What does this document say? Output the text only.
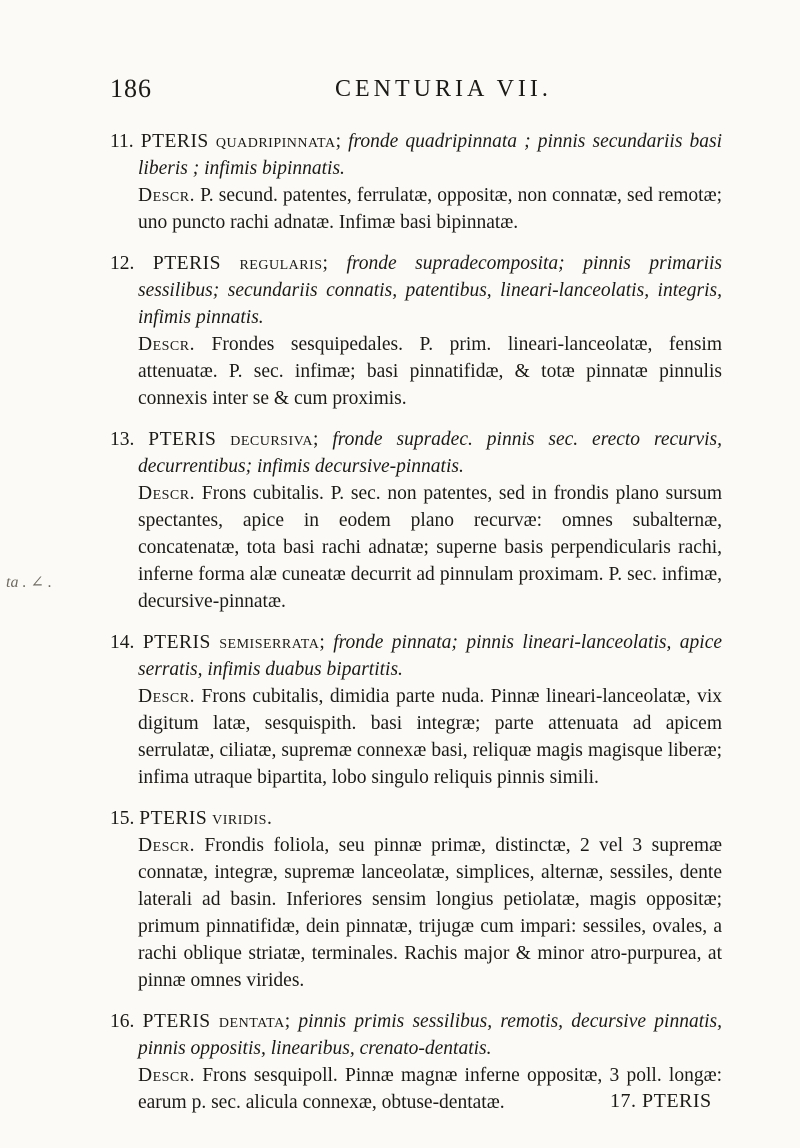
186	CENTURIA VII.
ta . ∠ .

11. PTERIS quadripinnata; fronde quadripinnata ; pinnis secundariis basi liberis ; infimis bipinnatis.

Descr. P. secund. patentes, ferrulatæ, oppositæ, non connatæ, sed remotæ; uno puncto rachi adnatæ. Infimæ basi bipinnatæ.

12. PTERIS regularis; fronde supradecomposita; pinnis primariis sessilibus; secundariis connatis, patentibus, lineari-lanceolatis, integris, infimis pinnatis.

Descr. Frondes sesquipedales. P. prim. lineari-lanceolatæ, fensim attenuatæ. P. sec. infimæ; basi pinnatifidæ, & totæ pinnatæ pinnulis connexis inter se & cum proximis.

13. PTERIS decursiva; fronde supradec. pinnis sec. erecto recurvis, decurrentibus; infimis decursive-pinnatis.

Descr. Frons cubitalis. P. sec. non patentes, sed in frondis plano sursum spectantes, apice in eodem plano recurvæ: omnes subalternæ, concatenatæ, tota basi rachi adnatæ; superne basis perpendicularis rachi, inferne forma alæ cuneatæ decurrit ad pinnulam proximam. P. sec. infimæ, decursive-pinnatæ.

14. PTERIS semiserrata; fronde pinnata; pinnis lineari-lanceolatis, apice serratis, infimis duabus bipartitis.

Descr. Frons cubitalis, dimidia parte nuda. Pinnæ lineari-lanceolatæ, vix digitum latæ, sesquispith. basi integræ; parte attenuata ad apicem serrulatæ, ciliatæ, supremæ connexæ basi, reliquæ magis magisque liberæ; infima utraque bipartita, lobo singulo reliquis pinnis simili.

15. PTERIS viridis.

Descr. Frondis foliola, seu pinnæ primæ, distinctæ, 2 vel 3 supremæ connatæ, integræ, supremæ lanceolatæ, simplices, alternæ, sessiles, dente laterali ad basin. Inferiores sensim longius petiolatæ, magis oppositæ; primum pinnatifidæ, dein pinnatæ, trijugæ cum impari: sessiles, ovales, a rachi oblique striatæ, terminales. Rachis major & minor atro-purpurea, at pinnæ omnes virides.

16. PTERIS dentata; pinnis primis sessilibus, remotis, decursive pinnatis, pinnis oppositis, linearibus, crenato-dentatis.

Descr. Frons sesquipoll. Pinnæ magnæ inferne oppositæ, 3 poll. longæ: earum p. sec. alicula connexæ, obtuse-dentatæ.	17. PTERIS
